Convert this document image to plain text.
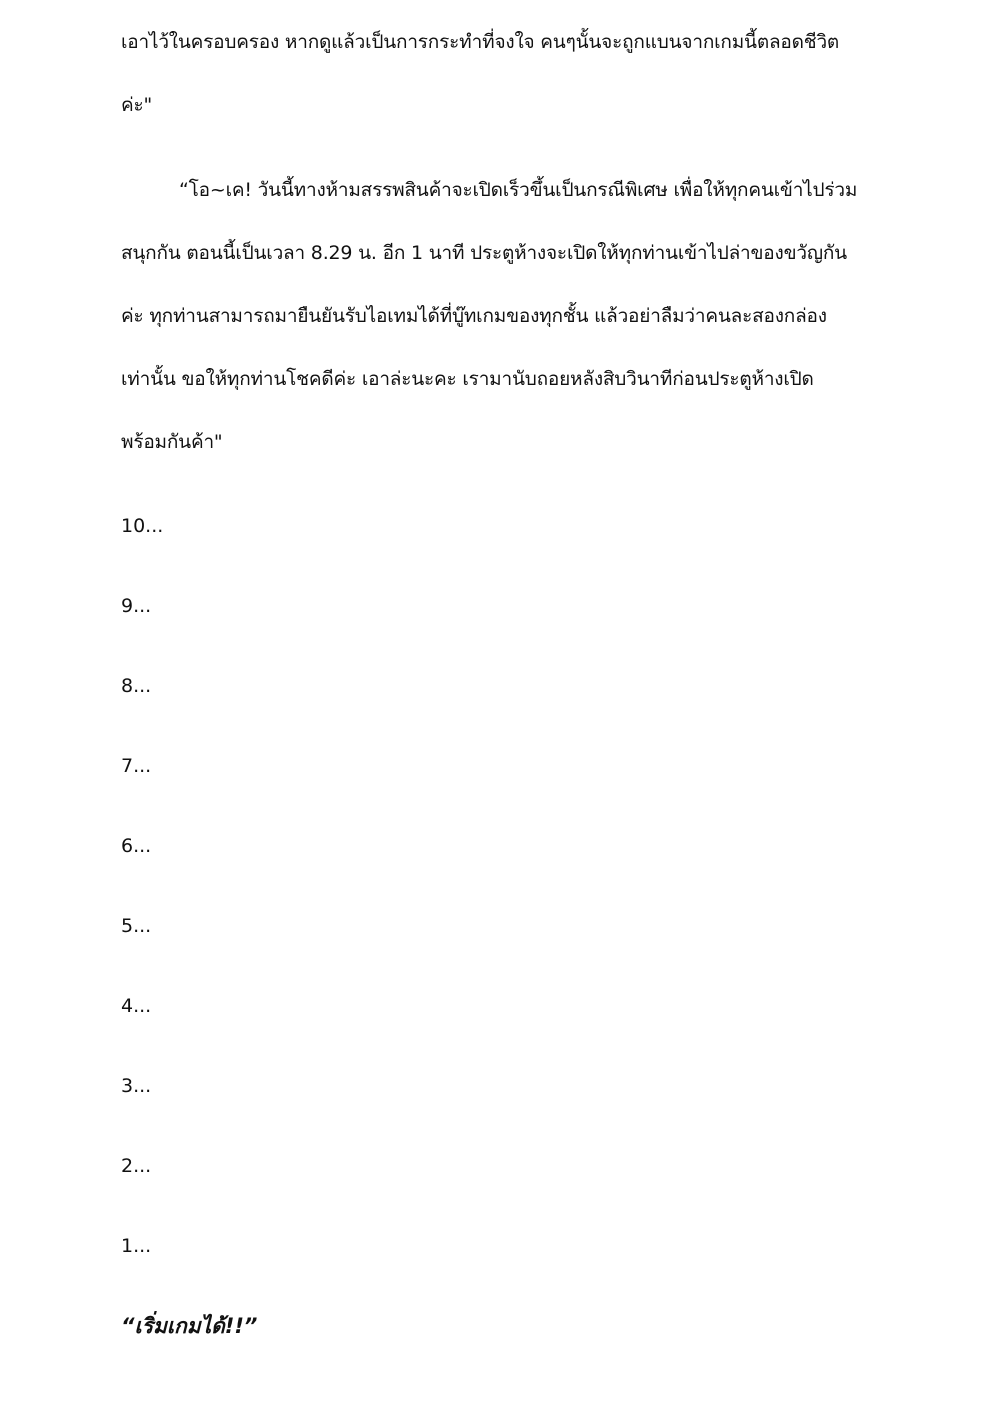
เอาไว้ในครอบครอง หากดูแล้วเป็นการกระทำที่จงใจ คนๆนั้นจะถูกแบนจากเกมนี้ตลอดชีวิต
ค่ะ"
“โอ~เค! วันนี้ทางห้ามสรรพสินค้าจะเปิดเร็วขึ้นเป็นกรณีพิเศษ เพื่อให้ทุกคนเข้าไปร่วม
สนุกกัน ตอนนี้เป็นเวลา 8.29 น. อีก 1 นาที ประตูห้างจะเปิดให้ทุกท่านเข้าไปล่าของขวัญกัน
ค่ะ ทุกท่านสามารถมายืนยันรับไอเทมได้ที่บู๊ทเกมของทุกชั้น แล้วอย่าลืมว่าคนละสองกล่อง
เท่านั้น ขอให้ทุกท่านโชคดีค่ะ เอาล่ะนะคะ เรามานับถอยหลังสิบวินาทีก่อนประตูห้างเปิด
พร้อมกันค้า"
10...
9...
8...
7...
6...
5...
4...
3...
2...
1...
“เริ่มเกมได้!!”
